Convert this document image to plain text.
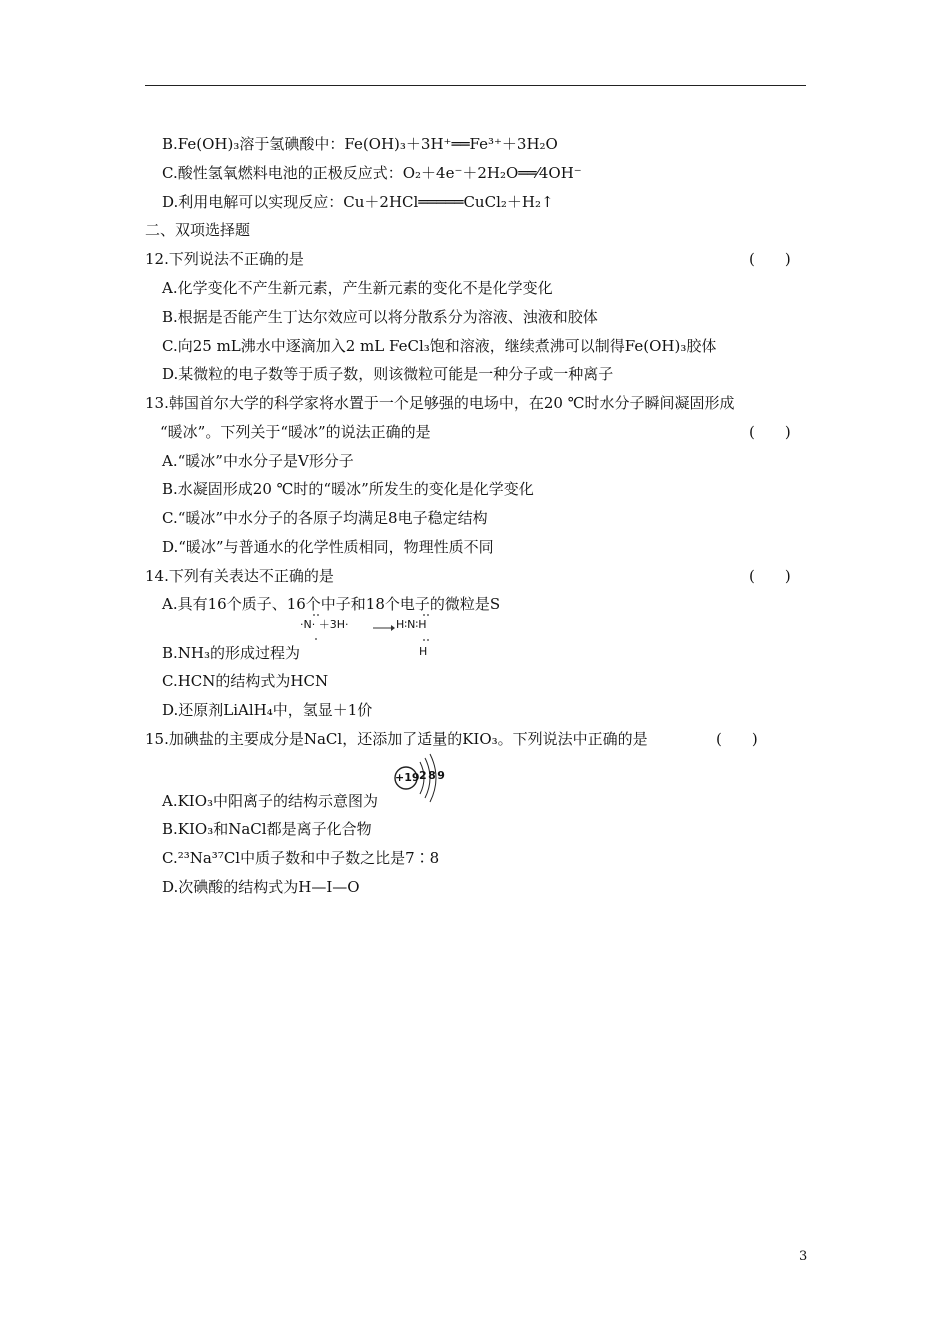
B.Fe(OH)₃溶于氢碘酸中：Fe(OH)₃＋3H⁺══Fe³⁺＋3H₂O
C.酸性氢氧燃料电池的正极反应式：O₂＋4e⁻＋2H₂O══⁄4OH⁻
D.利用电解可以实现反应：Cu＋2HCl═════CuCl₂＋H₂↑
二、双项选择题
12.下列说法不正确的是	(　　)
A.化学变化不产生新元素，产生新元素的变化不是化学变化
B.根据是否能产生丁达尔效应可以将分散系分为溶液、浊液和胶体
C.向25 mL沸水中逐滴加入2 mL FeCl₃饱和溶液，继续煮沸可以制得Fe(OH)₃胶体
D.某微粒的电子数等于质子数，则该微粒可能是一种分子或一种离子
13.韩国首尔大学的科学家将水置于一个足够强的电场中，在20 ℃时水分子瞬间凝固形成
“暖冰”。下列关于“暖冰”的说法正确的是	(　　)
A.“暖冰”中水分子是V形分子
B.水凝固形成20 ℃时的“暖冰”所发生的变化是化学变化
C.“暖冰”中水分子的各原子均满足8电子稳定结构
D.“暖冰”与普通水的化学性质相同，物理性质不同
14.下列有关表达不正确的是	(　　)
A.具有16个质子、16个中子和18个电子的微粒是S
·N· ＋3H· → H∶N∶H
H
B.NH₃的形成过程为
C.HCN的结构式为HCN
D.还原剂LiAlH₄中，氢显＋1价
15.加碘盐的主要成分是NaCl，还添加了适量的KIO₃。下列说法中正确的是	(　　)
+19 289
A.KIO₃中阳离子的结构示意图为
B.KIO₃和NaCl都是离子化合物
C.²³Na³⁷Cl中质子数和中子数之比是7∶8
D.次碘酸的结构式为H—I—O
3
